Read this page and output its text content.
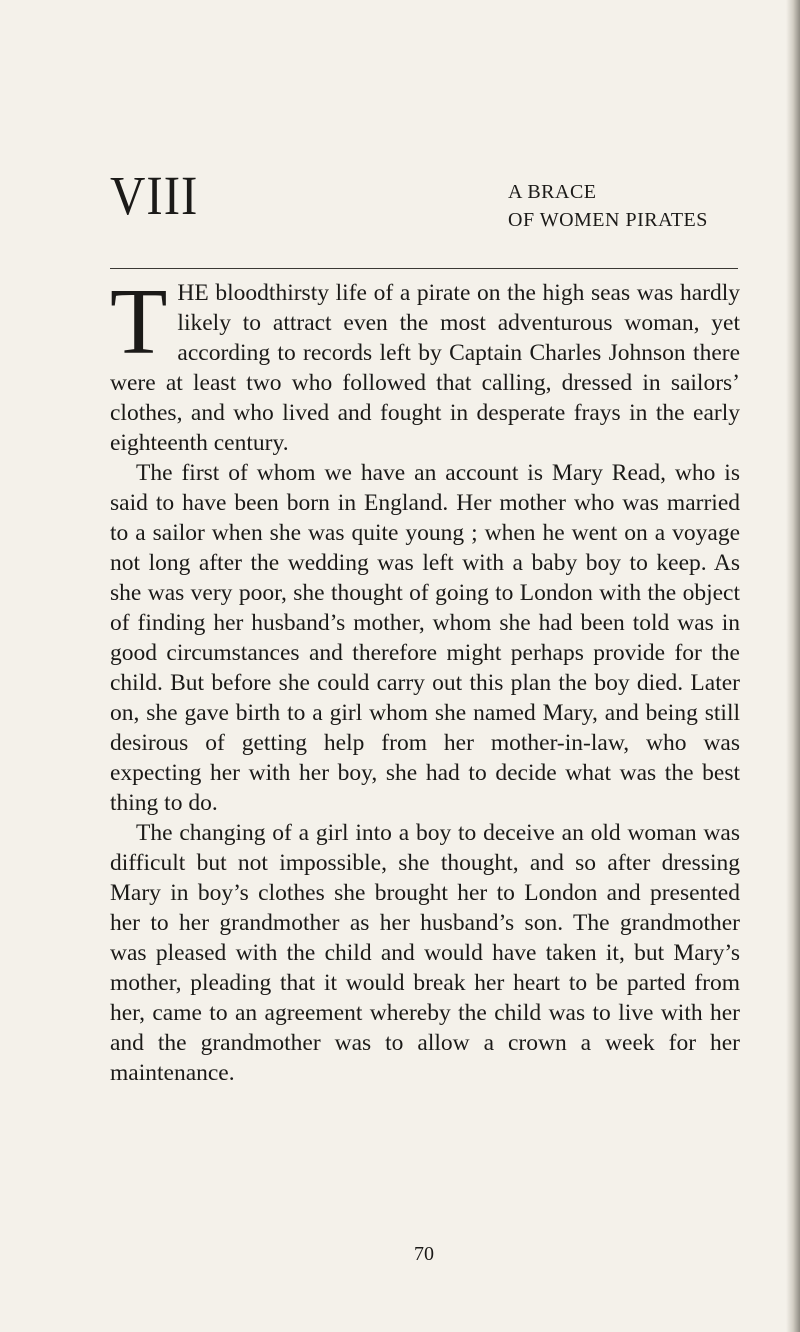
VIII	A BRACE
OF WOMEN PIRATES
T HE bloodthirsty life of a pirate on the high seas was hardly likely to attract even the most adventurous woman, yet according to records left by Captain Charles Johnson there were at least two who followed that calling, dressed in sailors’ clothes, and who lived and fought in desperate frays in the early eighteenth century.

The first of whom we have an account is Mary Read, who is said to have been born in England. Her mother who was married to a sailor when she was quite young ; when he went on a voyage not long after the wedding was left with a baby boy to keep. As she was very poor, she thought of going to London with the object of finding her husband’s mother, whom she had been told was in good circumstances and therefore might perhaps provide for the child. But before she could carry out this plan the boy died. Later on, she gave birth to a girl whom she named Mary, and being still desirous of getting help from her mother-in-law, who was expecting her with her boy, she had to decide what was the best thing to do.

The changing of a girl into a boy to deceive an old woman was difficult but not impossible, she thought, and so after dressing Mary in boy’s clothes she brought her to London and presented her to her grandmother as her husband’s son. The grandmother was pleased with the child and would have taken it, but Mary’s mother, pleading that it would break her heart to be parted from her, came to an agreement whereby the child was to live with her and the grandmother was to allow a crown a week for her maintenance.

70
